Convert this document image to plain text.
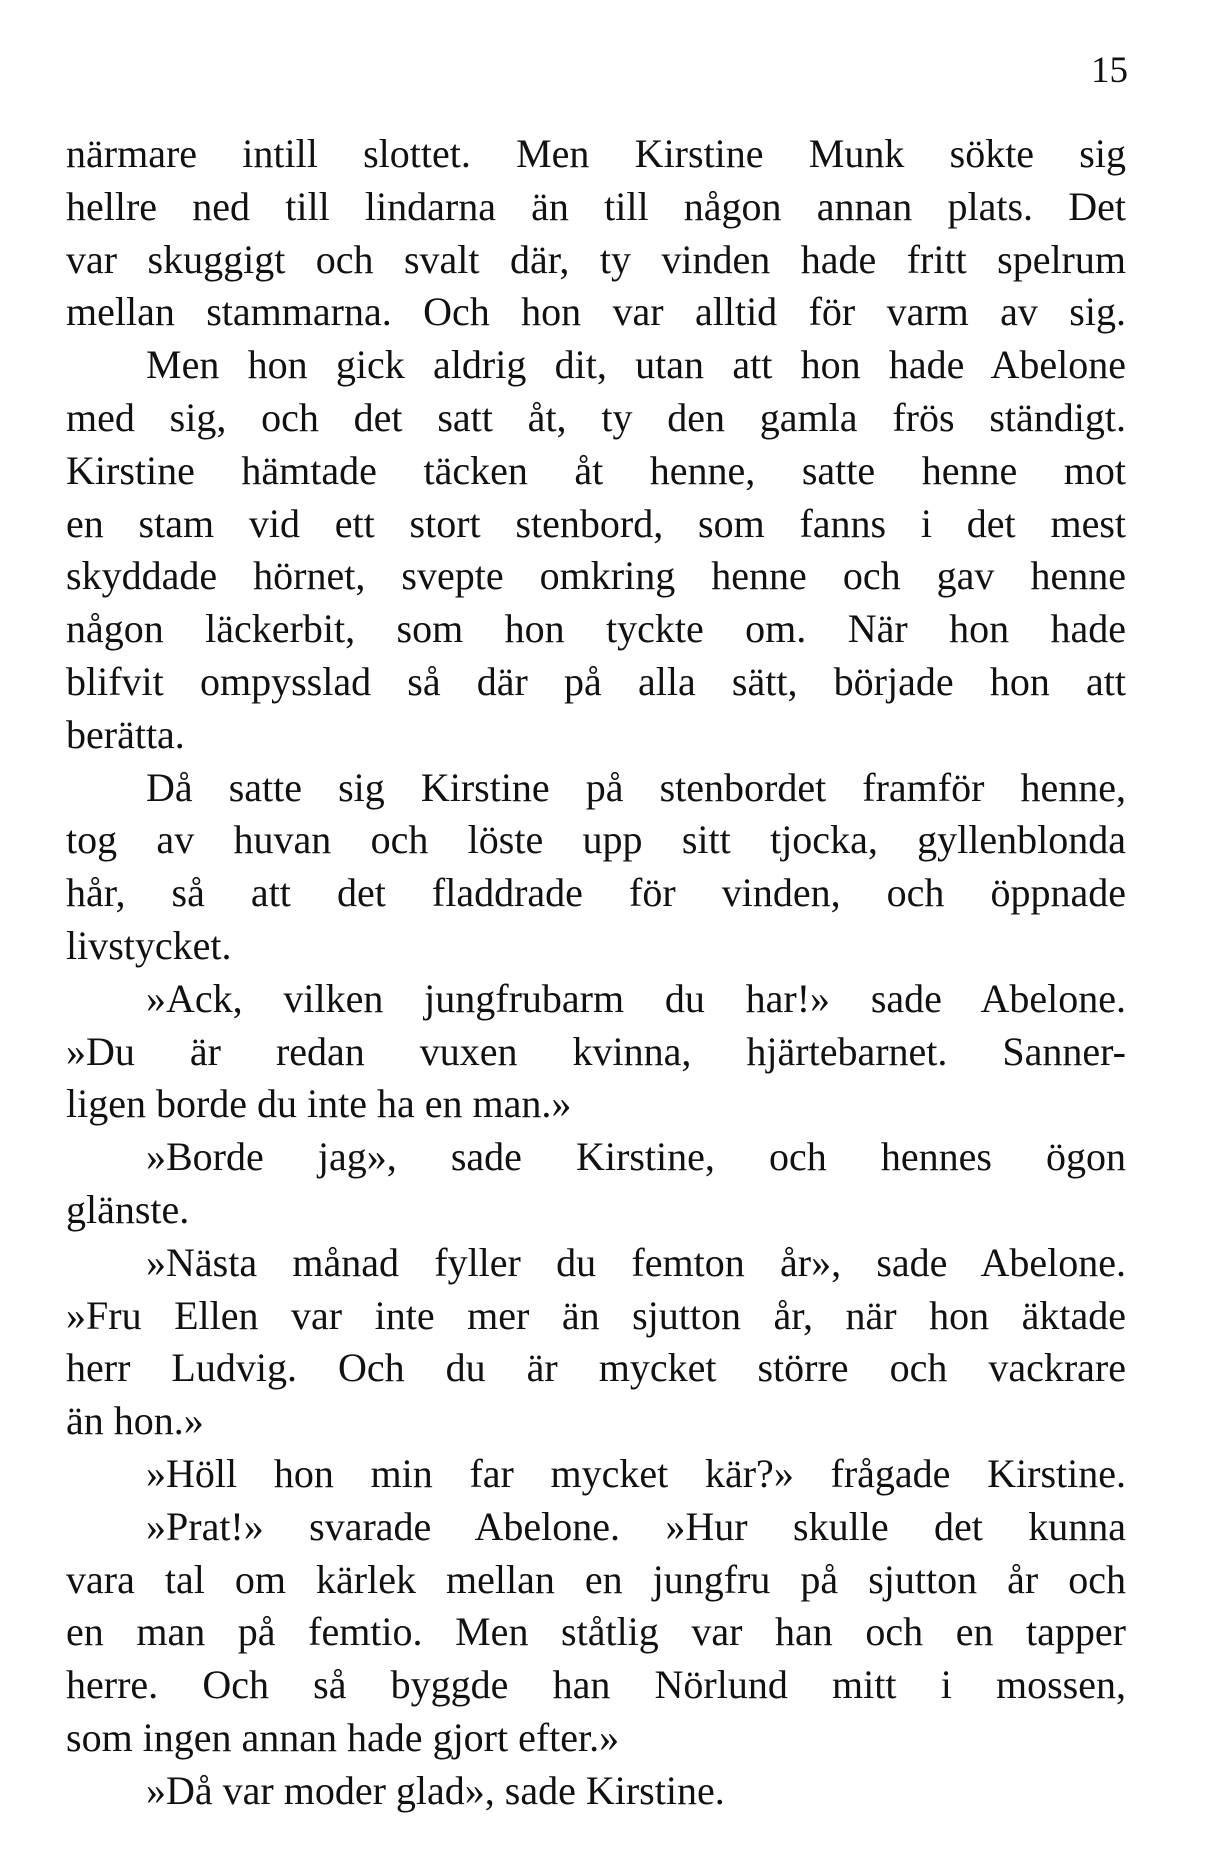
15
närmare intill slottet. Men Kirstine Munk sökte sig
hellre ned till lindarna än till någon annan plats. Det
var skuggigt och svalt där, ty vinden hade fritt spelrum
mellan stammarna. Och hon var alltid för varm av sig.
Men hon gick aldrig dit, utan att hon hade Abelone
med sig, och det satt åt, ty den gamla frös ständigt.
Kirstine hämtade täcken åt henne, satte henne mot
en stam vid ett stort stenbord, som fanns i det mest
skyddade hörnet, svepte omkring henne och gav henne
någon läckerbit, som hon tyckte om. När hon hade
blifvit ompysslad så där på alla sätt, började hon att
berätta.
Då satte sig Kirstine på stenbordet framför henne,
tog av huvan och löste upp sitt tjocka, gyllenblonda
hår, så att det fladdrade för vinden, och öppnade
livstycket.
»Ack, vilken jungfrubarm du har!» sade Abelone.
»Du är redan vuxen kvinna, hjärtebarnet. Sanner-
ligen borde du inte ha en man.»
»Borde jag», sade Kirstine, och hennes ögon
glänste.
»Nästa månad fyller du femton år», sade Abelone.
»Fru Ellen var inte mer än sjutton år, när hon äktade
herr Ludvig. Och du är mycket större och vackrare
än hon.»
»Höll hon min far mycket kär?» frågade Kirstine.
»Prat!» svarade Abelone. »Hur skulle det kunna
vara tal om kärlek mellan en jungfru på sjutton år och
en man på femtio. Men ståtlig var han och en tapper
herre. Och så byggde han Nörlund mitt i mossen,
som ingen annan hade gjort efter.»
»Då var moder glad», sade Kirstine.
